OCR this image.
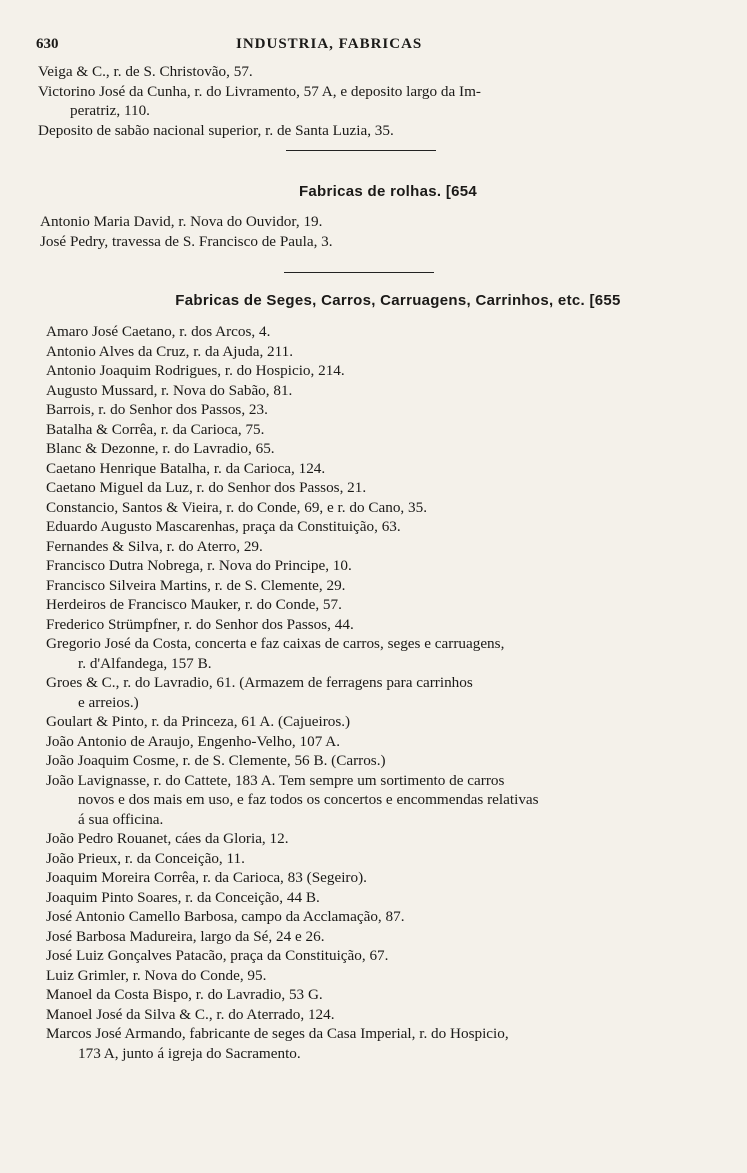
630	INDUSTRIA, FABRICAS
Veiga & C., r. de S. Christovão, 57.
Victorino José da Cunha, r. do Livramento, 57 A, e deposito largo da Im-
peratriz, 110.
Deposito de sabão nacional superior, r. de Santa Luzia, 35.
Fabricas de rolhas. [654
Antonio Maria David, r. Nova do Ouvidor, 19.
José Pedry, travessa de S. Francisco de Paula, 3.
Fabricas de Seges, Carros, Carruagens, Carrinhos, etc. [655
Amaro José Caetano, r. dos Arcos, 4.
Antonio Alves da Cruz, r. da Ajuda, 211.
Antonio Joaquim Rodrigues, r. do Hospicio, 214.
Augusto Mussard, r. Nova do Sabão, 81.
Barrois, r. do Senhor dos Passos, 23.
Batalha & Corrêa, r. da Carioca, 75.
Blanc & Dezonne, r. do Lavradio, 65.
Caetano Henrique Batalha, r. da Carioca, 124.
Caetano Miguel da Luz, r. do Senhor dos Passos, 21.
Constancio, Santos & Vieira, r. do Conde, 69, e r. do Cano, 35.
Eduardo Augusto Mascarenhas, praça da Constituição, 63.
Fernandes & Silva, r. do Aterro, 29.
Francisco Dutra Nobrega, r. Nova do Principe, 10.
Francisco Silveira Martins, r. de S. Clemente, 29.
Herdeiros de Francisco Mauker, r. do Conde, 57.
Frederico Strümpfner, r. do Senhor dos Passos, 44.
Gregorio José da Costa, concerta e faz caixas de carros, seges e carruagens,
r. d'Alfandega, 157 B.
Groes & C., r. do Lavradio, 61. (Armazem de ferragens para carrinhos
e arreios.)
Goulart & Pinto, r. da Princeza, 61 A. (Cajueiros.)
João Antonio de Araujo, Engenho-Velho, 107 A.
João Joaquim Cosme, r. de S. Clemente, 56 B. (Carros.)
João Lavignasse, r. do Cattete, 183 A. Tem sempre um sortimento de carros
novos e dos mais em uso, e faz todos os concertos e encommendas relativas
á sua officina.
João Pedro Rouanet, cáes da Gloria, 12.
João Prieux, r. da Conceição, 11.
Joaquim Moreira Corrêa, r. da Carioca, 83 (Segeiro).
Joaquim Pinto Soares, r. da Conceição, 44 B.
José Antonio Camello Barbosa, campo da Acclamação, 87.
José Barbosa Madureira, largo da Sé, 24 e 26.
José Luiz Gonçalves Patacão, praça da Constituição, 67.
Luiz Grimler, r. Nova do Conde, 95.
Manoel da Costa Bispo, r. do Lavradio, 53 G.
Manoel José da Silva & C., r. do Aterrado, 124.
Marcos José Armando, fabricante de seges da Casa Imperial, r. do Hospicio,
173 A, junto á igreja do Sacramento.
